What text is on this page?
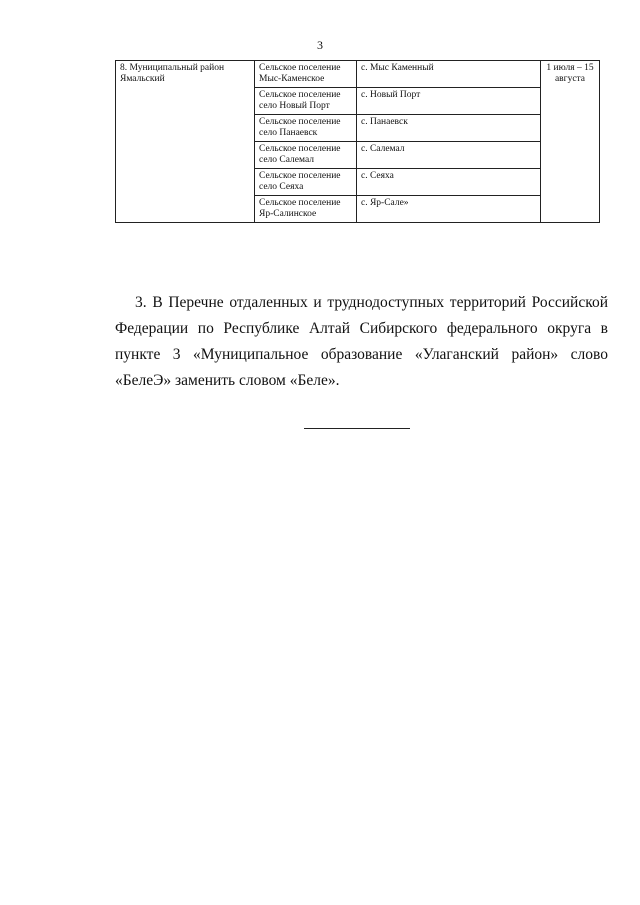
3
8. Муниципальный район Ямальский	Сельское поселение Мыс-Каменское	с. Мыс Каменный	1 июля – 15 августа
	Сельское поселение село Новый Порт	с. Новый Порт	
	Сельское поселение село Панаевск	с. Панаевск	
	Сельское поселение село Салемал	с. Салемал	
	Сельское поселение село Сеяха	с. Сеяха	
	Сельское поселение Яр-Салинское	с. Яр-Сале»	

3. В Перечне отдаленных и труднодоступных территорий Российской Федерации по Республике Алтай Сибирского федерального округа в пункте 3 «Муниципальное образование «Улаганский район» слово «БелеЭ» заменить словом «Беле».
